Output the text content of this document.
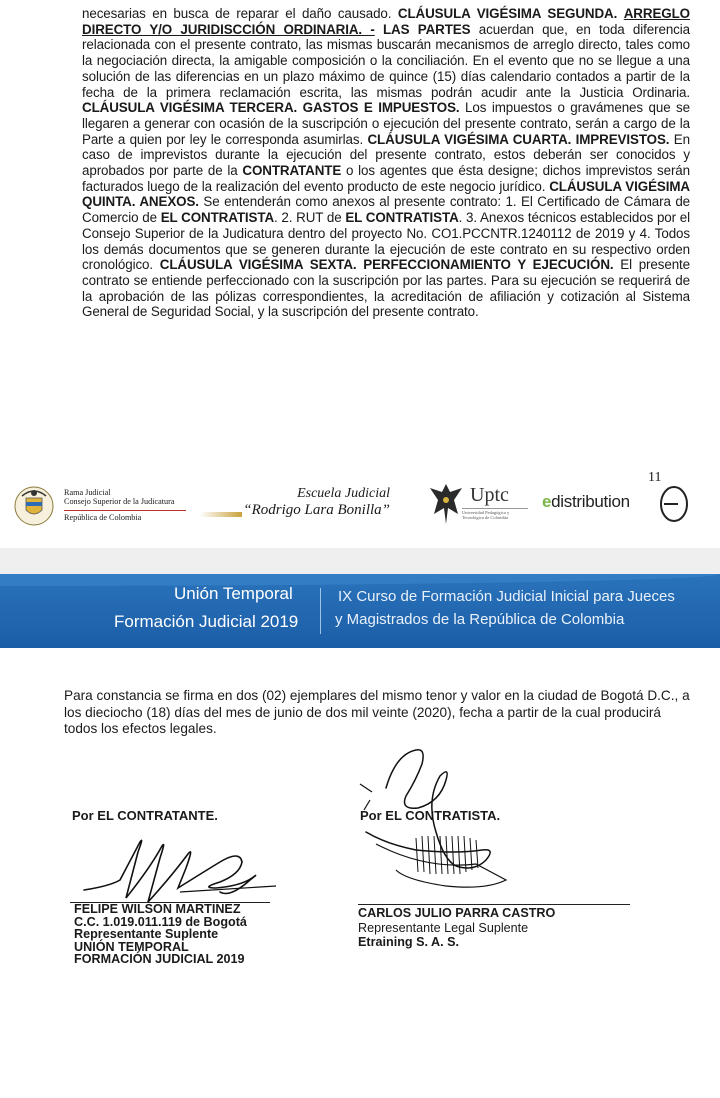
necesarias en busca de reparar el daño causado. CLÁUSULA VIGÉSIMA SEGUNDA. ARREGLO DIRECTO Y/O JURIDISCCIÓN ORDINARIA. - LAS PARTES acuerdan que, en toda diferencia relacionada con el presente contrato, las mismas buscarán mecanismos de arreglo directo, tales como la negociación directa, la amigable composición o la conciliación. En el evento que no se llegue a una solución de las diferencias en un plazo máximo de quince (15) días calendario contados a partir de la fecha de la primera reclamación escrita, las mismas podrán acudir ante la Justicia Ordinaria. CLÁUSULA VIGÉSIMA TERCERA. GASTOS E IMPUESTOS. Los impuestos o gravámenes que se llegaren a generar con ocasión de la suscripción o ejecución del presente contrato, serán a cargo de la Parte a quien por ley le corresponda asumirlas. CLÁUSULA VIGÉSIMA CUARTA. IMPREVISTOS. En caso de imprevistos durante la ejecución del presente contrato, estos deberán ser conocidos y aprobados por parte de la CONTRATANTE o los agentes que ésta designe; dichos imprevistos serán facturados luego de la realización del evento producto de este negocio jurídico. CLÁUSULA VIGÉSIMA QUINTA. ANEXOS. Se entenderán como anexos al presente contrato: 1. El Certificado de Cámara de Comercio de EL CONTRATISTA. 2. RUT de EL CONTRATISTA. 3. Anexos técnicos establecidos por el Consejo Superior de la Judicatura dentro del proyecto No. CO1.PCCNTR.1240112 de 2019 y 4. Todos los demás documentos que se generen durante la ejecución de este contrato en su respectivo orden cronológico. CLÁUSULA VIGÉSIMA SEXTA. PERFECCIONAMIENTO Y EJECUCIÓN. El presente contrato se entiende perfeccionado con la suscripción por las partes. Para su ejecución se requerirá de la aprobación de las pólizas correspondientes, la acreditación de afiliación y cotización al Sistema General de Seguridad Social, y la suscripción del presente contrato.
11
Rama Judicial
Consejo Superior de la Judicatura
República de Colombia
Escuela Judicial
“Rodrigo Lara Bonilla”
Uptc
Universidad Pedagógica y Tecnológica de Colombia
edistribution
Unión Temporal
Formación Judicial 2019
IX Curso de Formación Judicial Inicial para Jueces
y Magistrados de la República de Colombia
Para constancia se firma en dos (02) ejemplares del mismo tenor y valor en la ciudad de Bogotá D.C., a los dieciocho (18) días del mes de junio de dos mil veinte (2020), fecha a partir de la cual producirá todos los efectos legales.
Por EL CONTRATANTE.	Por EL CONTRATISTA.
FELIPE WILSON MARTINEZ
C.C. 1.019.011.119 de Bogotá
Representante Suplente
UNIÓN TEMPORAL
FORMACIÓN JUDICIAL 2019
CARLOS JULIO PARRA CASTRO
Representante Legal Suplente
Etraining S. A. S.
